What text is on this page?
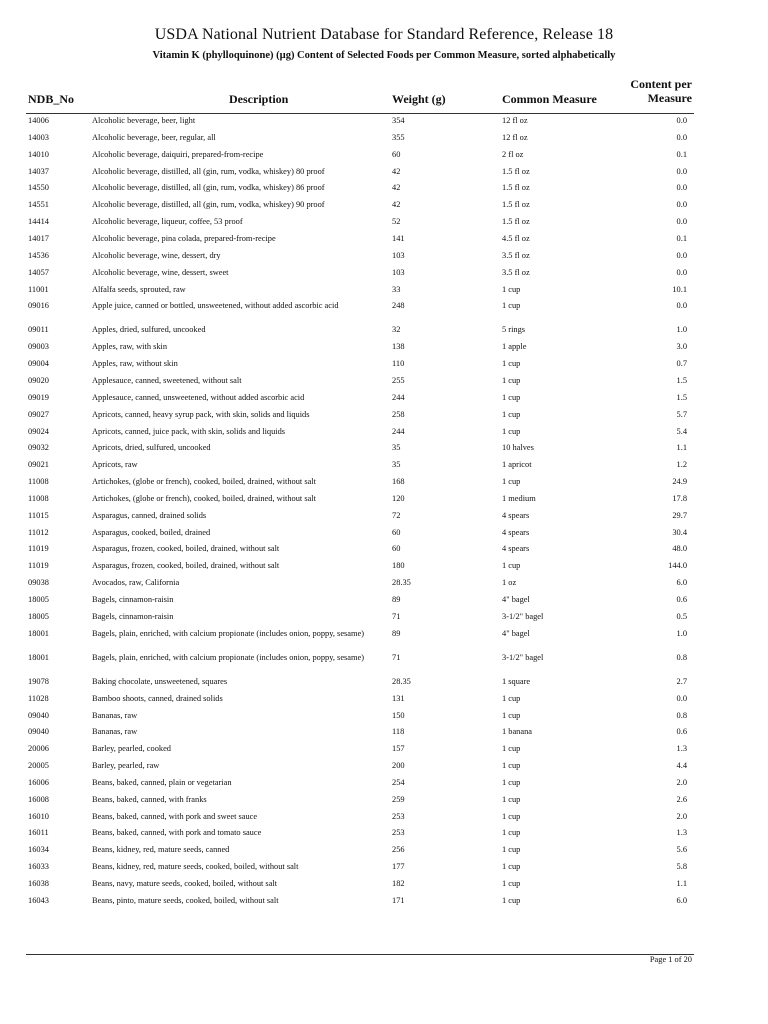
USDA National Nutrient Database for Standard Reference, Release 18
Vitamin K (phylloquinone) (µg) Content of Selected Foods per Common Measure, sorted alphabetically
NDB_No	Description	Weight (g)	Common Measure
Content per Measure
14006	Alcoholic beverage, beer, light	354	12 fl oz	0.0
14003	Alcoholic beverage, beer, regular, all	355	12 fl oz	0.0
14010	Alcoholic beverage, daiquiri, prepared-from-recipe	60	2 fl oz	0.1
14037	Alcoholic beverage, distilled, all (gin, rum, vodka, whiskey) 80 proof	42	1.5 fl oz	0.0
14550	Alcoholic beverage, distilled, all (gin, rum, vodka, whiskey) 86 proof	42	1.5 fl oz	0.0
14551	Alcoholic beverage, distilled, all (gin, rum, vodka, whiskey) 90 proof	42	1.5 fl oz	0.0
14414	Alcoholic beverage, liqueur, coffee, 53 proof	52	1.5 fl oz	0.0
14017	Alcoholic beverage, pina colada, prepared-from-recipe	141	4.5 fl oz	0.1
14536	Alcoholic beverage, wine, dessert, dry	103	3.5 fl oz	0.0
14057	Alcoholic beverage, wine, dessert, sweet	103	3.5 fl oz	0.0
11001	Alfalfa seeds, sprouted, raw	33	1 cup	10.1
09016	Apple juice, canned or bottled, unsweetened, without added ascorbic acid	248	1 cup	0.0
09011	Apples, dried, sulfured, uncooked	32	5 rings	1.0
09003	Apples, raw, with skin	138	1 apple	3.0
09004	Apples, raw, without skin	110	1 cup	0.7
09020	Applesauce, canned, sweetened, without salt	255	1 cup	1.5
09019	Applesauce, canned, unsweetened, without added ascorbic acid	244	1 cup	1.5
09027	Apricots, canned, heavy syrup pack, with skin, solids and liquids	258	1 cup	5.7
09024	Apricots, canned, juice pack, with skin, solids and liquids	244	1 cup	5.4
09032	Apricots, dried, sulfured, uncooked	35	10 halves	1.1
09021	Apricots, raw	35	1 apricot	1.2
11008	Artichokes, (globe or french), cooked, boiled, drained, without salt	168	1 cup	24.9
11008	Artichokes, (globe or french), cooked, boiled, drained, without salt	120	1 medium	17.8
11015	Asparagus, canned, drained solids	72	4 spears	29.7
11012	Asparagus, cooked, boiled, drained	60	4 spears	30.4
11019	Asparagus, frozen, cooked, boiled, drained, without salt	60	4 spears	48.0
11019	Asparagus, frozen, cooked, boiled, drained, without salt	180	1 cup	144.0
09038	Avocados, raw, California	28.35	1 oz	6.0
18005	Bagels, cinnamon-raisin	89	4" bagel	0.6
18005	Bagels, cinnamon-raisin	71	3-1/2" bagel	0.5
18001	Bagels, plain, enriched, with calcium propionate (includes onion, poppy, sesame)	89	4" bagel	1.0
18001	Bagels, plain, enriched, with calcium propionate (includes onion, poppy, sesame)	71	3-1/2" bagel	0.8
19078	Baking chocolate, unsweetened, squares	28.35	1 square	2.7
11028	Bamboo shoots, canned, drained solids	131	1 cup	0.0
09040	Bananas, raw	150	1 cup	0.8
09040	Bananas, raw	118	1 banana	0.6
20006	Barley, pearled, cooked	157	1 cup	1.3
20005	Barley, pearled, raw	200	1 cup	4.4
16006	Beans, baked, canned, plain or vegetarian	254	1 cup	2.0
16008	Beans, baked, canned, with franks	259	1 cup	2.6
16010	Beans, baked, canned, with pork and sweet sauce	253	1 cup	2.0
16011	Beans, baked, canned, with pork and tomato sauce	253	1 cup	1.3
16034	Beans, kidney, red, mature seeds, canned	256	1 cup	5.6
16033	Beans, kidney, red, mature seeds, cooked, boiled, without salt	177	1 cup	5.8
16038	Beans, navy, mature seeds, cooked, boiled, without salt	182	1 cup	1.1
16043	Beans, pinto, mature seeds, cooked, boiled, without salt	171	1 cup	6.0
Page 1 of 20
